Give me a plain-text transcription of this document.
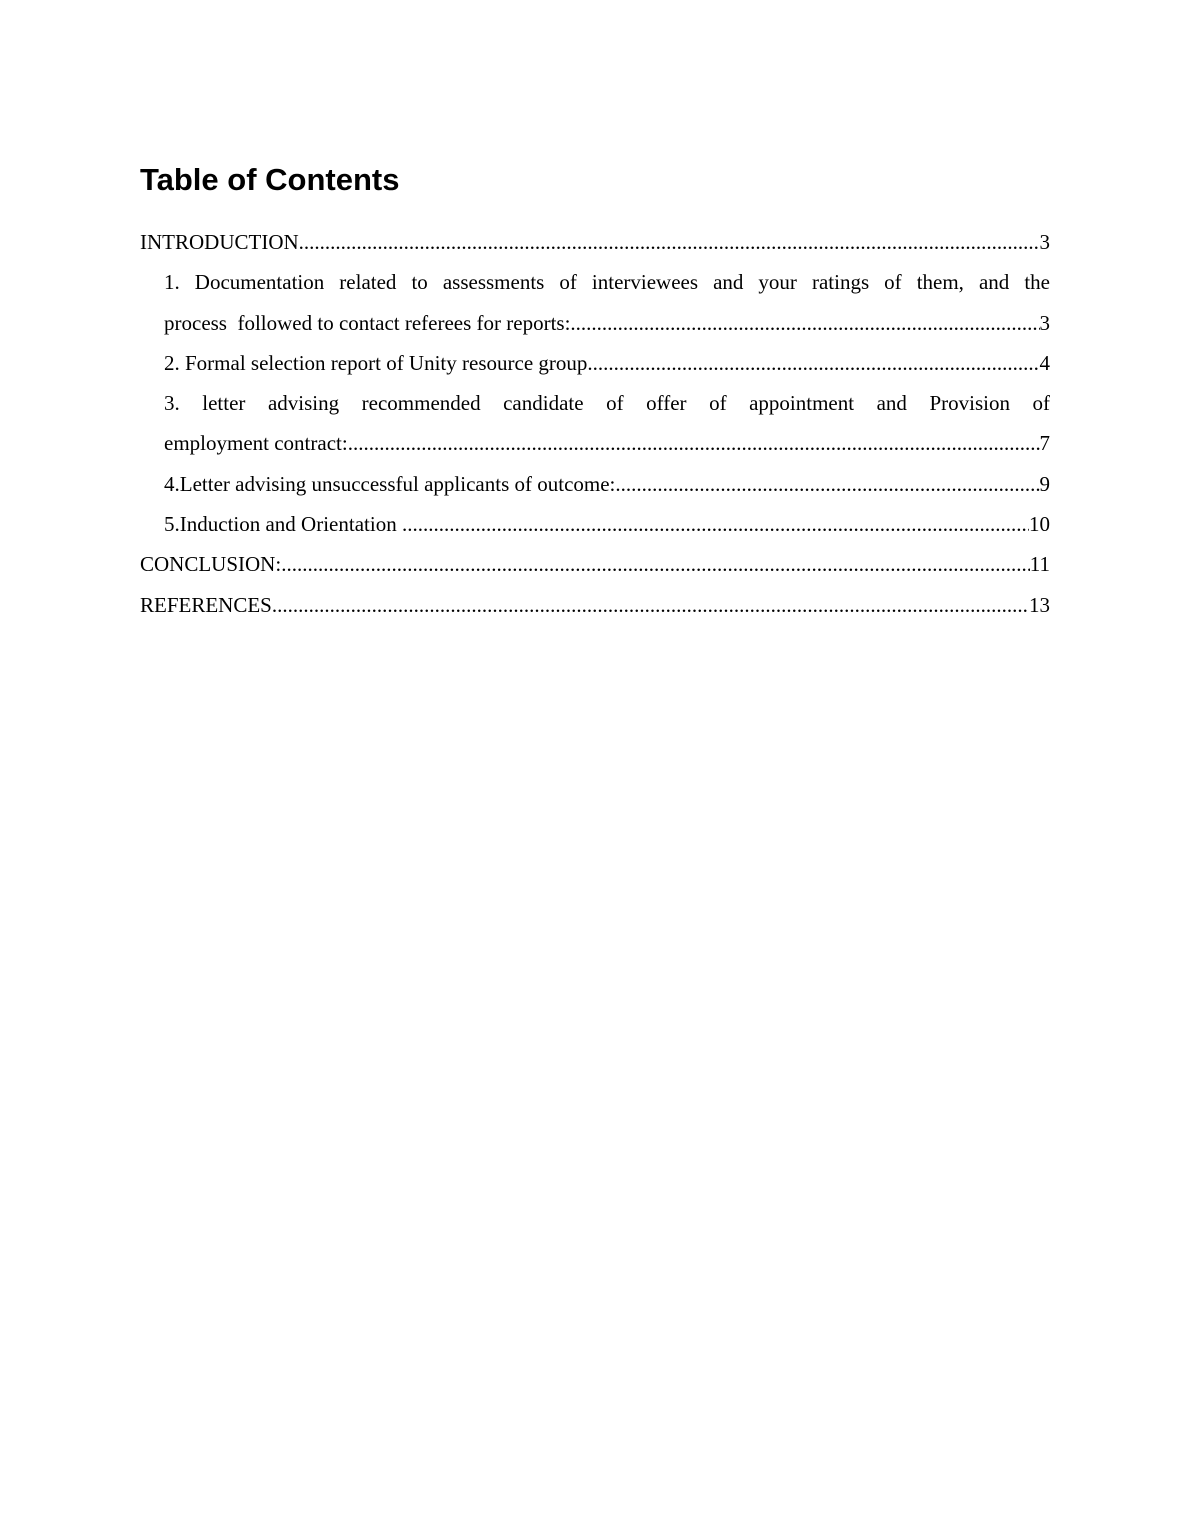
Table of Contents
INTRODUCTION .....	3
1. Documentation related to assessments of interviewees and your ratings of them, and the
process  followed to contact referees for reports: .....	3
2. Formal selection report of Unity resource group .....	4
3. letter advising recommended candidate of offer of appointment and Provision of
employment contract: .....	7
4.Letter advising unsuccessful applicants of outcome: .....	9
5.Induction and Orientation .....	10
CONCLUSION: .....	11
REFERENCES .....	13
